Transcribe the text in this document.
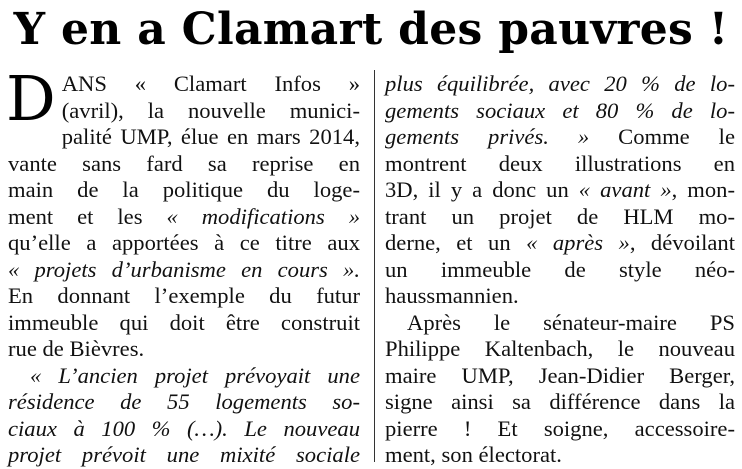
Y en a Clamart des pauvres !
D ANS « Clamart Infos »
(avril), la nouvelle munici-
palité UMP, élue en mars 2014,
vante sans fard sa reprise en
main de la politique du loge-
ment et les « modifications »
qu’elle a apportées à ce titre aux
« projets d’urbanisme en cours ».
En donnant l’exemple du futur
immeuble qui doit être construit
rue de Bièvres.
« L’ancien projet prévoyait une
résidence de 55 logements so-
ciaux à 100 % (…). Le nouveau
projet prévoit une mixité sociale
plus équilibrée, avec 20 % de lo-
gements sociaux et 80 % de lo-
gements privés. » Comme le
montrent deux illustrations en
3D, il y a donc un « avant », mon-
trant un projet de HLM mo-
derne, et un « après », dévoilant
un immeuble de style néo-
haussmannien.
Après le sénateur-maire PS
Philippe Kaltenbach, le nouveau
maire UMP, Jean-Didier Berger,
signe ainsi sa différence dans la
pierre ! Et soigne, accessoire-
ment, son électorat.
